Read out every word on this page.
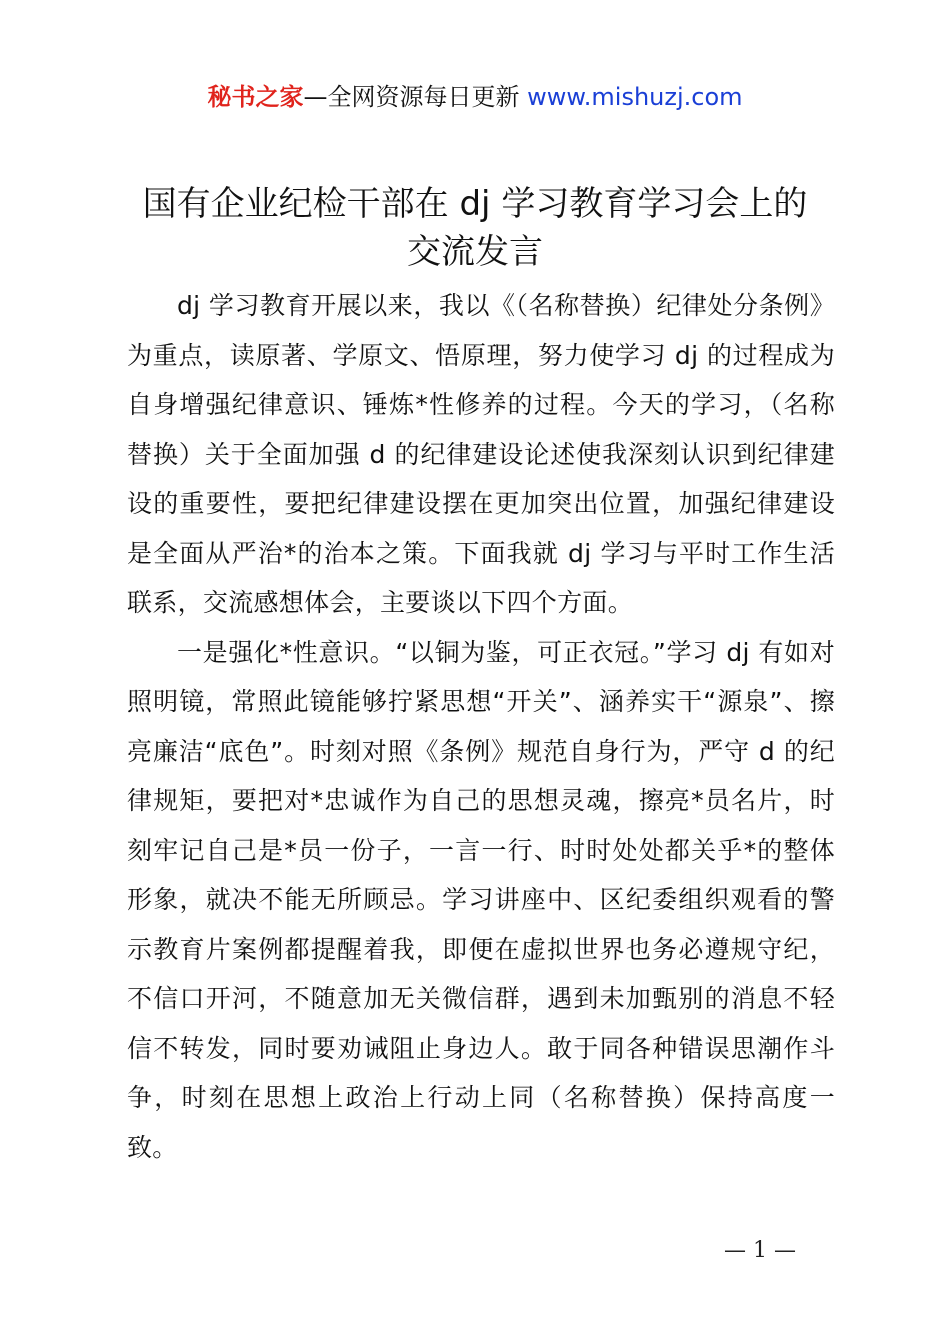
秘书之家—全网资源每日更新 www.mishuzj.com
国有企业纪检干部在 dj 学习教育学习会上的
交流发言

dj 学习教育开展以来，我以《（名称替换）纪律处分条例》为重点，读原著、学原文、悟原理，努力使学习 dj 的过程成为自身增强纪律意识、锤炼*性修养的过程。今天的学习，（名称替换）关于全面加强 d 的纪律建设论述使我深刻认识到纪律建设的重要性，要把纪律建设摆在更加突出位置，加强纪律建设是全面从严治*的治本之策。下面我就 dj 学习与平时工作生活联系，交流感想体会，主要谈以下四个方面。

一是强化*性意识。“以铜为鉴，可正衣冠。”学习 dj 有如对照明镜，常照此镜能够拧紧思想“开关”、涵养实干“源泉”、擦亮廉洁“底色”。时刻对照《条例》规范自身行为，严守 d 的纪律规矩，要把对*忠诚作为自己的思想灵魂，擦亮*员名片，时刻牢记自己是*员一份子，一言一行、时时处处都关乎*的整体形象，就决不能无所顾忌。学习讲座中、区纪委组织观看的警示教育片案例都提醒着我，即便在虚拟世界也务必遵规守纪，不信口开河，不随意加无关微信群，遇到未加甄别的消息不轻信不转发，同时要劝诫阻止身边人。敢于同各种错误思潮作斗争，时刻在思想上政治上行动上同（名称替换）保持高度一致。

— 1 —
